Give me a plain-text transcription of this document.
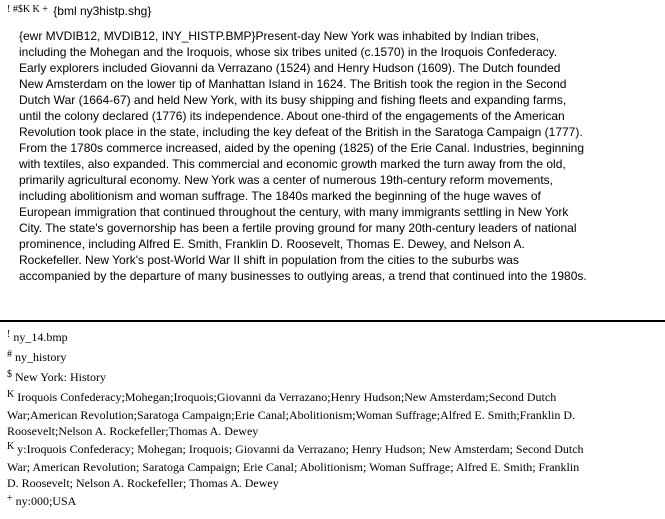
$^{! \#\$K K +}$ {bml ny3histp.shg}

{ewr MVDIB12, MVDIB12, INY_HISTP.BMP}Present-day New York was inhabited by Indian tribes, including the Mohegan and the Iroquois, whose six tribes united (c.1570) in the Iroquois Confederacy. Early explorers included Giovanni da Verrazano (1524) and Henry Hudson (1609). The Dutch founded New Amsterdam on the lower tip of Manhattan Island in 1624. The British took the region in the Second Dutch War (1664-67) and held New York, with its busy shipping and fishing fleets and expanding farms, until the colony declared (1776) its independence. About one-third of the engagements of the American Revolution took place in the state, including the key defeat of the British in the Saratoga Campaign (1777). From the 1780s commerce increased, aided by the opening (1825) of the Erie Canal. Industries, beginning with textiles, also expanded. This commercial and economic growth marked the turn away from the old, primarily agricultural economy. New York was a center of numerous 19th-century reform movements, including abolitionism and woman suffrage. The 1840s marked the beginning of the huge waves of European immigration that continued throughout the century, with many immigrants settling in New York City. The state's governorship has been a fertile proving ground for many 20th-century leaders of national prominence, including Alfred E. Smith, Franklin D. Roosevelt, Thomas E. Dewey, and Nelson A. Rockefeller. New York's post-World War II shift in population from the cities to the suburbs was accompanied by the departure of many businesses to outlying areas, a trend that continued into the 1980s.

! ny_14.bmp
# ny_history
$ New York: History
$^K$ Iroquois Confederacy;Mohegan;Iroquois;Giovanni da Verrazano;Henry Hudson;New Amsterdam;Second Dutch War;American Revolution;Saratoga Campaign;Erie Canal;Abolitionism;Woman Suffrage;Alfred E. Smith;Franklin D. Roosevelt;Nelson A. Rockefeller;Thomas A. Dewey
$^K$ y:Iroquois Confederacy; Mohegan; Iroquois; Giovanni da Verrazano; Henry Hudson; New Amsterdam; Second Dutch War; American Revolution; Saratoga Campaign; Erie Canal; Abolitionism; Woman Suffrage; Alfred E. Smith; Franklin D. Roosevelt; Nelson A. Rockefeller; Thomas A. Dewey
+ ny:000;USA
